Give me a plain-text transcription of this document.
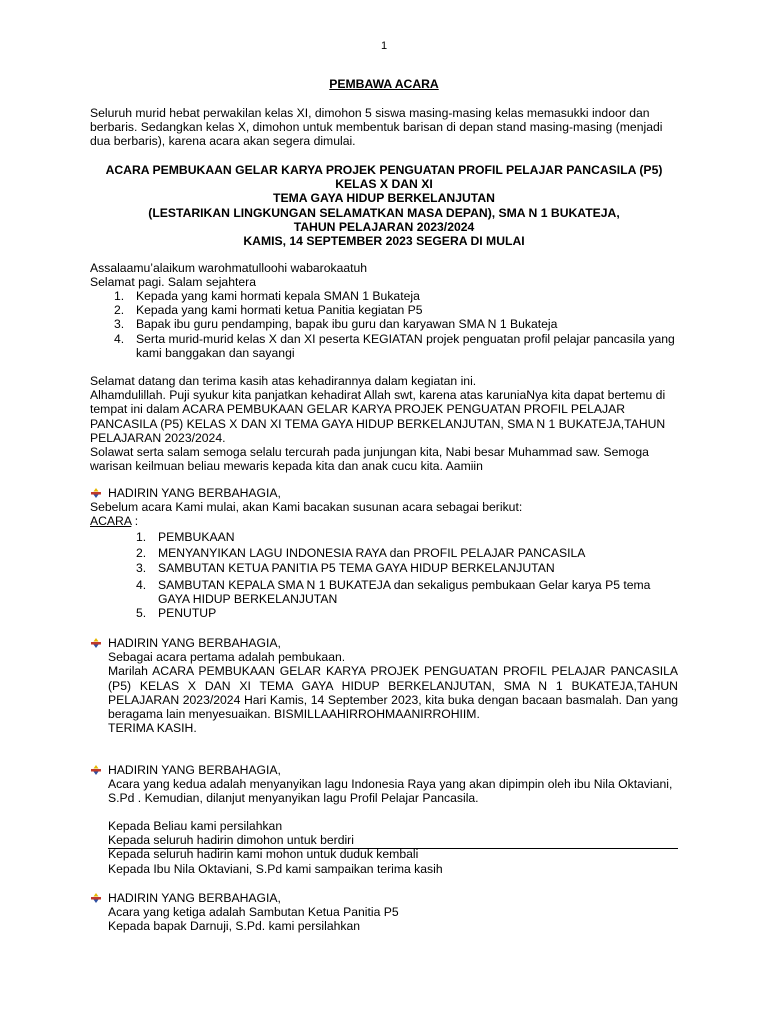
1
PEMBAWA ACARA
Seluruh murid hebat perwakilan kelas XI, dimohon 5 siswa masing-masing kelas memasukki indoor dan berbaris. Sedangkan kelas X, dimohon untuk membentuk barisan di depan stand masing-masing (menjadi dua berbaris), karena acara akan segera dimulai.
ACARA PEMBUKAAN GELAR KARYA PROJEK PENGUATAN PROFIL PELAJAR PANCASILA (P5)
KELAS X DAN XI
TEMA GAYA HIDUP BERKELANJUTAN
(LESTARIKAN LINGKUNGAN SELAMATKAN MASA DEPAN), SMA N 1 BUKATEJA,
TAHUN PELAJARAN 2023/2024
KAMIS, 14 SEPTEMBER 2023 SEGERA DI MULAI
Assalaamu’alaikum warohmatulloohi wabarokaatuh
Selamat pagi. Salam sejahtera
1. Kepada yang kami hormati kepala SMAN 1 Bukateja
2. Kepada yang kami hormati ketua Panitia kegiatan P5
3. Bapak ibu guru pendamping, bapak ibu guru dan karyawan SMA N 1 Bukateja
4. Serta murid-murid kelas X dan XI peserta KEGIATAN projek penguatan profil pelajar pancasila yang kami banggakan dan sayangi
Selamat datang dan terima kasih atas kehadirannya dalam kegiatan ini.
Alhamdulillah. Puji syukur kita panjatkan kehadirat Allah swt, karena atas karuniaNya kita dapat bertemu di tempat ini dalam ACARA PEMBUKAAN GELAR KARYA PROJEK PENGUATAN PROFIL PELAJAR PANCASILA (P5) KELAS X DAN XI TEMA GAYA HIDUP BERKELANJUTAN, SMA N 1 BUKATEJA,TAHUN PELAJARAN 2023/2024.
Solawat serta salam semoga selalu tercurah pada junjungan kita, Nabi besar Muhammad saw. Semoga warisan keilmuan beliau mewaris kepada kita dan anak cucu kita. Aamiin
HADIRIN YANG BERBAHAGIA,
Sebelum acara Kami mulai, akan Kami bacakan susunan acara sebagai berikut:
ACARA :
1. PEMBUKAAN
2. MENYANYIKAN LAGU INDONESIA RAYA dan PROFIL PELAJAR PANCASILA
3. SAMBUTAN KETUA PANITIA P5 TEMA GAYA HIDUP BERKELANJUTAN
4. SAMBUTAN KEPALA SMA N 1 BUKATEJA dan sekaligus pembukaan Gelar karya P5 tema GAYA HIDUP BERKELANJUTAN
5. PENUTUP
HADIRIN YANG BERBAHAGIA,
Sebagai acara pertama adalah pembukaan.
Marilah ACARA PEMBUKAAN GELAR KARYA PROJEK PENGUATAN PROFIL PELAJAR PANCASILA (P5) KELAS X DAN XI TEMA GAYA HIDUP BERKELANJUTAN, SMA N 1 BUKATEJA,TAHUN PELAJARAN 2023/2024 Hari Kamis, 14 September 2023, kita buka dengan bacaan basmalah. Dan yang beragama lain menyesuaikan. BISMILLAAHIRROHMAANIRROHIIM.
TERIMA KASIH.
HADIRIN YANG BERBAHAGIA,
Acara yang kedua adalah menyanyikan lagu Indonesia Raya yang akan dipimpin oleh ibu Nila Oktaviani, S.Pd . Kemudian, dilanjut menyanyikan lagu Profil Pelajar Pancasila.
Kepada Beliau kami persilahkan
Kepada seluruh hadirin dimohon untuk berdiri
Kepada seluruh hadirin kami mohon untuk duduk kembali
Kepada Ibu Nila Oktaviani, S.Pd kami sampaikan terima kasih
HADIRIN YANG BERBAHAGIA,
Acara yang ketiga adalah Sambutan Ketua Panitia P5
Kepada bapak Darnuji, S.Pd. kami persilahkan
